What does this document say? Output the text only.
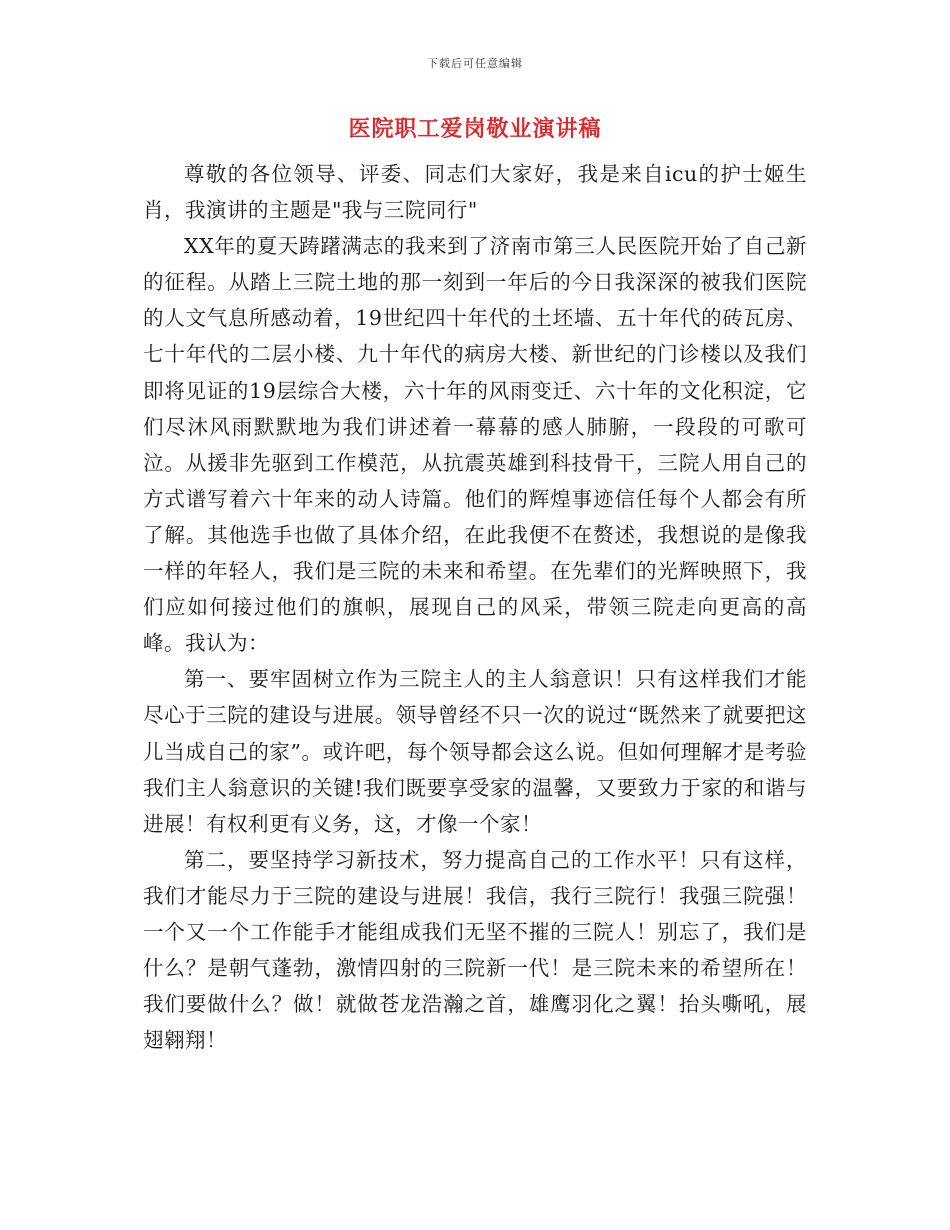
下载后可任意编辑
医院职工爱岗敬业演讲稿

尊敬的各位领导、评委、同志们大家好，我是来自icu的护士姬生肖，我演讲的主题是"我与三院同行"

XX年的夏天踌躇满志的我来到了济南市第三人民医院开始了自己新的征程。从踏上三院土地的那一刻到一年后的今日我深深的被我们医院的人文气息所感动着，19世纪四十年代的土坯墙、五十年代的砖瓦房、七十年代的二层小楼、九十年代的病房大楼、新世纪的门诊楼以及我们即将见证的19层综合大楼，六十年的风雨变迁、六十年的文化积淀，它们尽沐风雨默默地为我们讲述着一幕幕的感人肺腑，一段段的可歌可泣。从援非先驱到工作模范，从抗震英雄到科技骨干，三院人用自己的方式谱写着六十年来的动人诗篇。他们的辉煌事迹信任每个人都会有所了解。其他选手也做了具体介绍，在此我便不在赘述，我想说的是像我一样的年轻人，我们是三院的未来和希望。在先辈们的光辉映照下，我们应如何接过他们的旗帜，展现自己的风采，带领三院走向更高的高峰。我认为：

第一、要牢固树立作为三院主人的主人翁意识！只有这样我们才能尽心于三院的建设与进展。领导曾经不只一次的说过“既然来了就要把这儿当成自己的家”。或许吧，每个领导都会这么说。但如何理解才是考验我们主人翁意识的关键!我们既要享受家的温馨，又要致力于家的和谐与进展！有权利更有义务，这，才像一个家！

第二，要坚持学习新技术，努力提高自己的工作水平！只有这样，我们才能尽力于三院的建设与进展！我信，我行三院行！我强三院强！一个又一个工作能手才能组成我们无坚不摧的三院人！别忘了，我们是什么？是朝气蓬勃，激情四射的三院新一代！是三院未来的希望所在！我们要做什么？做！就做苍龙浩瀚之首，雄鹰羽化之翼！抬头嘶吼，展翅翱翔！
